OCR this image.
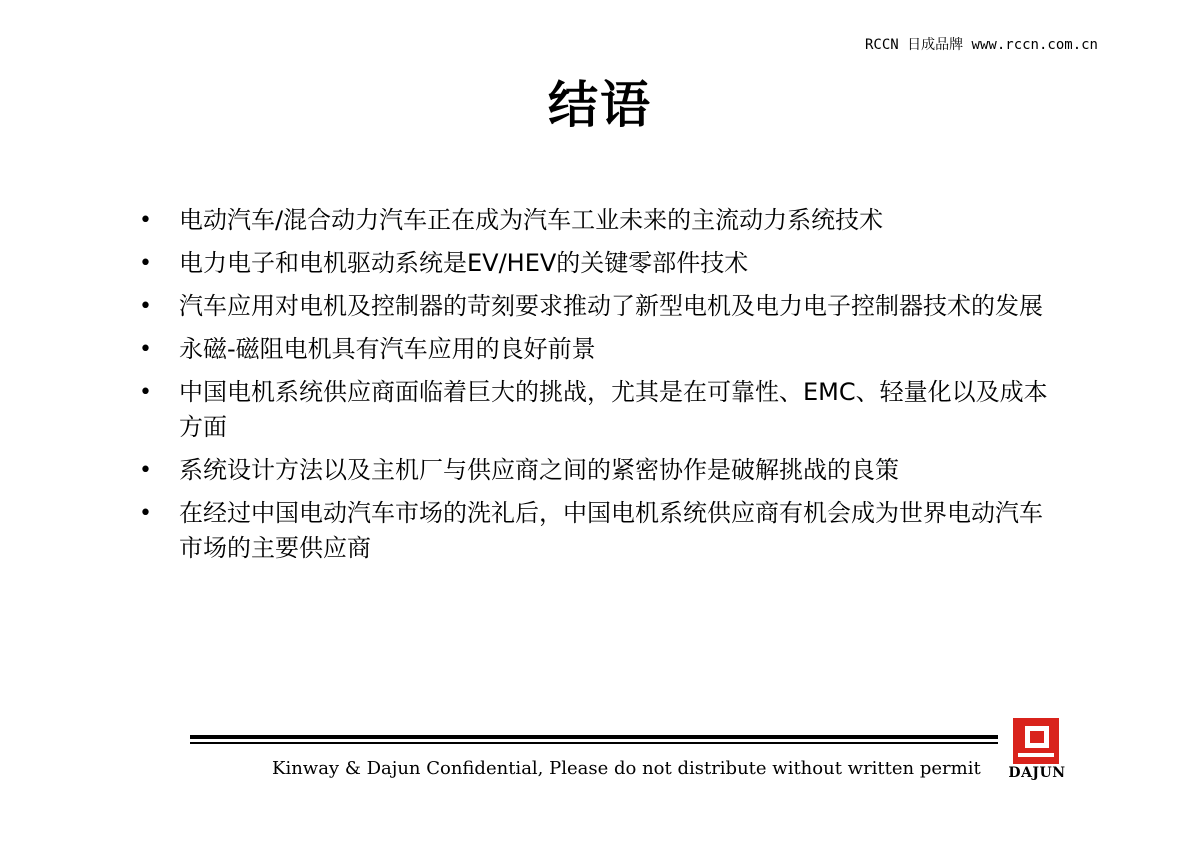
RCCN 日成品牌 www.rccn.com.cn
结语
• 电动汽车/混合动力汽车正在成为汽车工业未来的主流动力系统技术
• 电力电子和电机驱动系统是EV/HEV的关键零部件技术
• 汽车应用对电机及控制器的苛刻要求推动了新型电机及电力电子控制器技术的发展
• 永磁-磁阻电机具有汽车应用的良好前景
• 中国电机系统供应商面临着巨大的挑战，尤其是在可靠性、EMC、轻量化以及成本方面
• 系统设计方法以及主机厂与供应商之间的紧密协作是破解挑战的良策
• 在经过中国电动汽车市场的洗礼后，中国电机系统供应商有机会成为世界电动汽车市场的主要供应商
Kinway & Dajun Confidential, Please do not distribute without written permit	DAJUN
